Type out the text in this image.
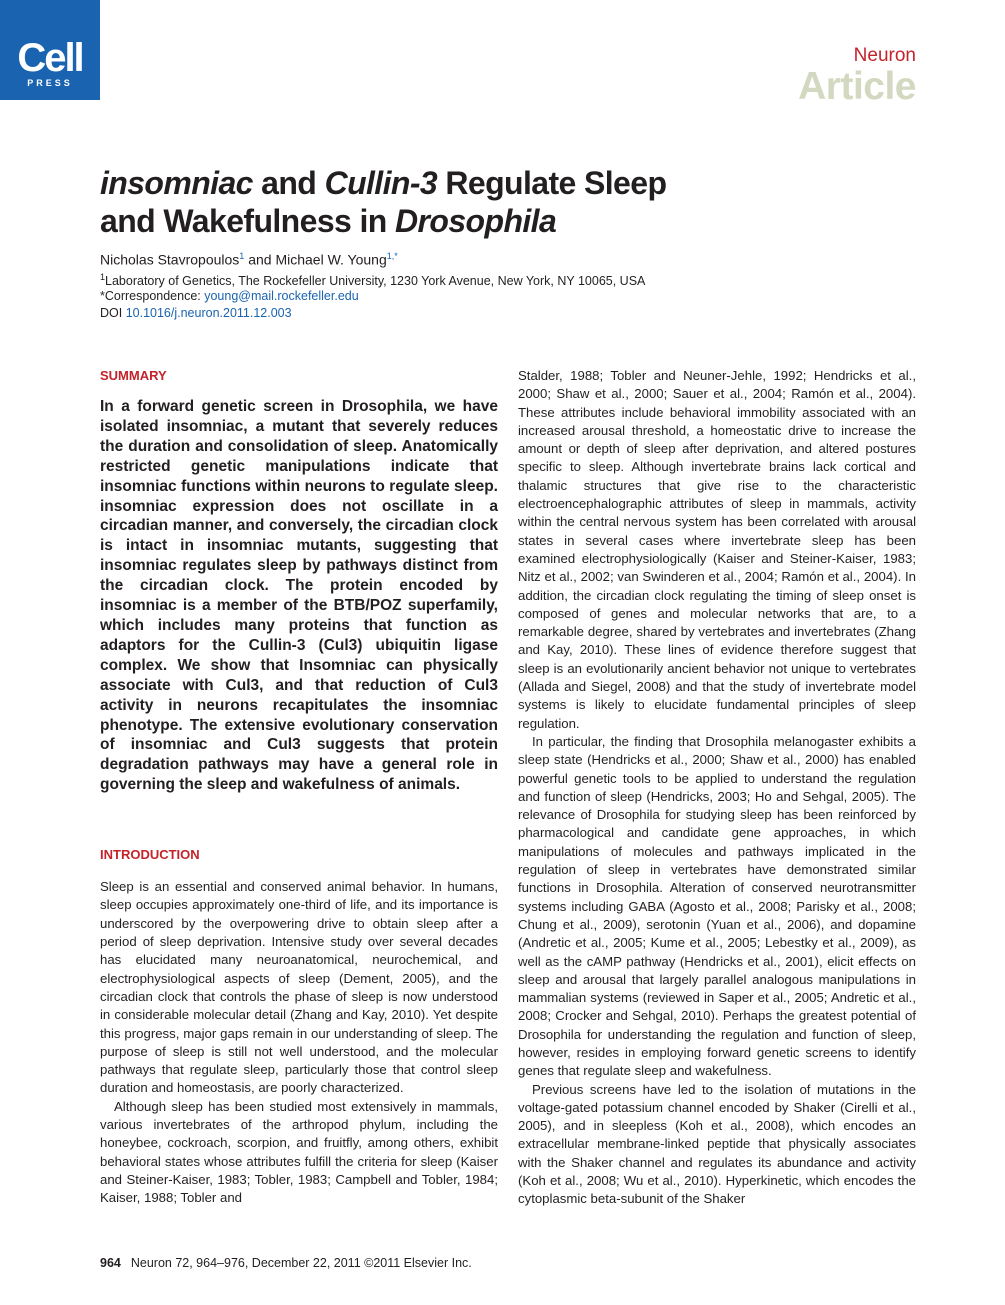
Cell
PRESS
Neuron
Article
insomniac and Cullin-3 Regulate Sleep
and Wakefulness in Drosophila
Nicholas Stavropoulos$^1$ and Michael W. Young$^{1,*}$
$^1$Laboratory of Genetics, The Rockefeller University, 1230 York Avenue, New York, NY 10065, USA
*Correspondence: young@mail.rockefeller.edu
DOI 10.1016/j.neuron.2011.12.003
SUMMARY
In a forward genetic screen in Drosophila, we have isolated insomniac, a mutant that severely reduces the duration and consolidation of sleep. Anatomically restricted genetic manipulations indicate that insomniac functions within neurons to regulate sleep. insomniac expression does not oscillate in a circadian manner, and conversely, the circadian clock is intact in insomniac mutants, suggesting that insomniac regulates sleep by pathways distinct from the circadian clock. The protein encoded by insomniac is a member of the BTB/POZ superfamily, which includes many proteins that function as adaptors for the Cullin-3 (Cul3) ubiquitin ligase complex. We show that Insomniac can physically associate with Cul3, and that reduction of Cul3 activity in neurons recapitulates the insomniac phenotype. The extensive evolutionary conservation of insomniac and Cul3 suggests that protein degradation pathways may have a general role in governing the sleep and wakefulness of animals.
INTRODUCTION

Sleep is an essential and conserved animal behavior. In humans, sleep occupies approximately one-third of life, and its importance is underscored by the overpowering drive to obtain sleep after a period of sleep deprivation. Intensive study over several decades has elucidated many neuroanatomical, neurochemical, and electrophysiological aspects of sleep (Dement, 2005), and the circadian clock that controls the phase of sleep is now understood in considerable molecular detail (Zhang and Kay, 2010). Yet despite this progress, major gaps remain in our understanding of sleep. The purpose of sleep is still not well understood, and the molecular pathways that regulate sleep, particularly those that control sleep duration and homeostasis, are poorly characterized.

Although sleep has been studied most extensively in mammals, various invertebrates of the arthropod phylum, including the honeybee, cockroach, scorpion, and fruitfly, among others, exhibit behavioral states whose attributes fulfill the criteria for sleep (Kaiser and Steiner-Kaiser, 1983; Tobler, 1983; Campbell and Tobler, 1984; Kaiser, 1988; Tobler and

Stalder, 1988; Tobler and Neuner-Jehle, 1992; Hendricks et al., 2000; Shaw et al., 2000; Sauer et al., 2004; Ramón et al., 2004). These attributes include behavioral immobility associated with an increased arousal threshold, a homeostatic drive to increase the amount or depth of sleep after deprivation, and altered postures specific to sleep. Although invertebrate brains lack cortical and thalamic structures that give rise to the characteristic electroencephalographic attributes of sleep in mammals, activity within the central nervous system has been correlated with arousal states in several cases where invertebrate sleep has been examined electrophysiologically (Kaiser and Steiner-Kaiser, 1983; Nitz et al., 2002; van Swinderen et al., 2004; Ramón et al., 2004). In addition, the circadian clock regulating the timing of sleep onset is composed of genes and molecular networks that are, to a remarkable degree, shared by vertebrates and invertebrates (Zhang and Kay, 2010). These lines of evidence therefore suggest that sleep is an evolutionarily ancient behavior not unique to vertebrates (Allada and Siegel, 2008) and that the study of invertebrate model systems is likely to elucidate fundamental principles of sleep regulation.

In particular, the finding that Drosophila melanogaster exhibits a sleep state (Hendricks et al., 2000; Shaw et al., 2000) has enabled powerful genetic tools to be applied to understand the regulation and function of sleep (Hendricks, 2003; Ho and Sehgal, 2005). The relevance of Drosophila for studying sleep has been reinforced by pharmacological and candidate gene approaches, in which manipulations of molecules and pathways implicated in the regulation of sleep in vertebrates have demonstrated similar functions in Drosophila. Alteration of conserved neurotransmitter systems including GABA (Agosto et al., 2008; Parisky et al., 2008; Chung et al., 2009), serotonin (Yuan et al., 2006), and dopamine (Andretic et al., 2005; Kume et al., 2005; Lebestky et al., 2009), as well as the cAMP pathway (Hendricks et al., 2001), elicit effects on sleep and arousal that largely parallel analogous manipulations in mammalian systems (reviewed in Saper et al., 2005; Andretic et al., 2008; Crocker and Sehgal, 2010). Perhaps the greatest potential of Drosophila for understanding the regulation and function of sleep, however, resides in employing forward genetic screens to identify genes that regulate sleep and wakefulness.

Previous screens have led to the isolation of mutations in the voltage-gated potassium channel encoded by Shaker (Cirelli et al., 2005), and in sleepless (Koh et al., 2008), which encodes an extracellular membrane-linked peptide that physically associates with the Shaker channel and regulates its abundance and activity (Koh et al., 2008; Wu et al., 2010). Hyperkinetic, which encodes the cytoplasmic beta-subunit of the Shaker

964 Neuron 72, 964–976, December 22, 2011 ©2011 Elsevier Inc.
